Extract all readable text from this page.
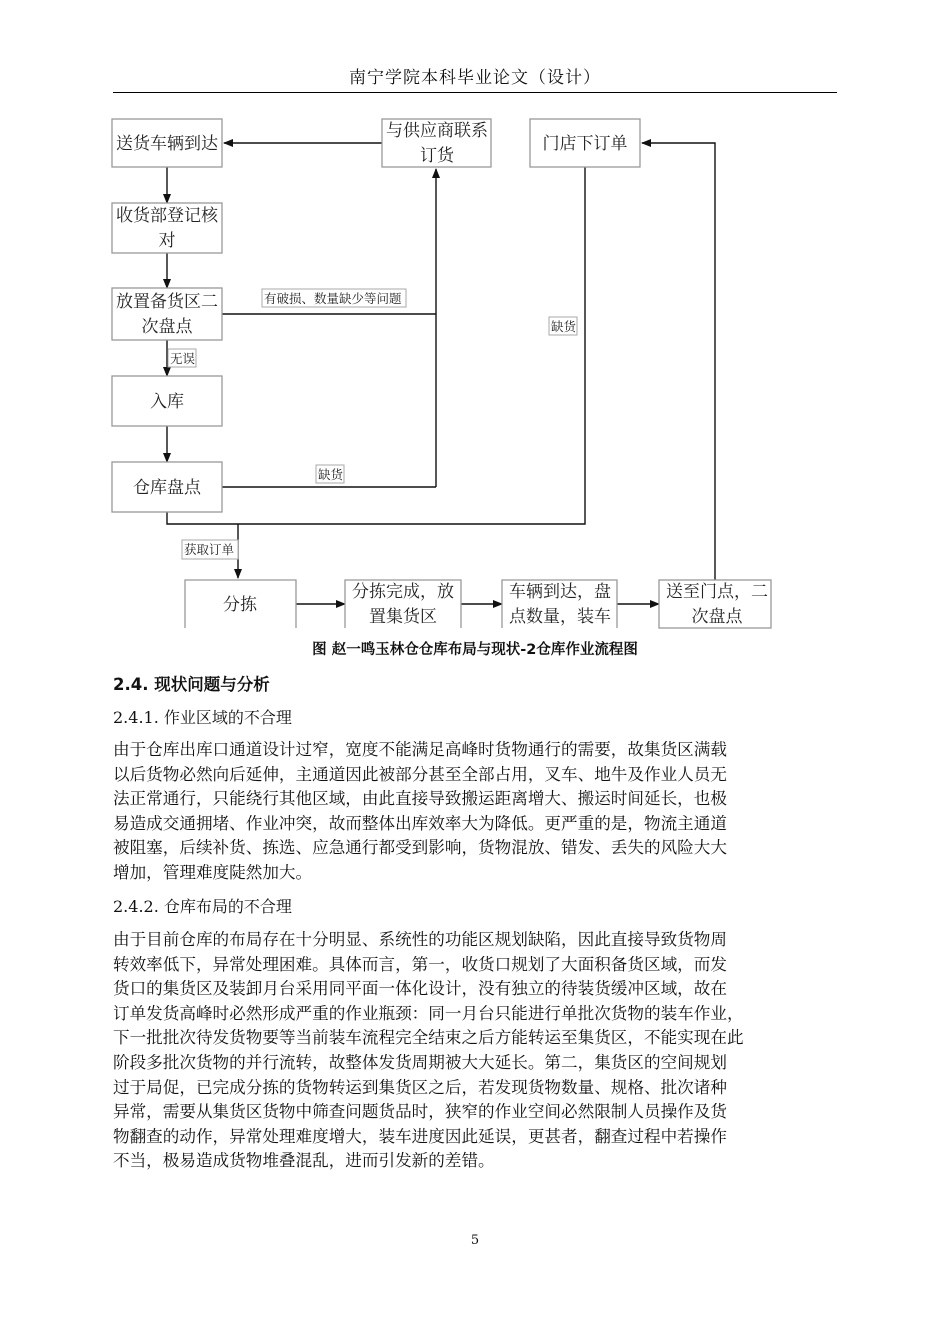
南宁学院本科毕业论文（设计）
送货车辆到达
与供应商联系
订货
门店下订单
收货部登记核
对
放置备货区二
次盘点
入库
仓库盘点
分拣
分拣完成，放
置集货区
车辆到达，盘
点数量，装车
送至门点，二
次盘点
有破损、数量缺少等问题
无误
缺货
缺货
获取订单
图 赵一鸣玉林仓仓库布局与现状-2仓库作业流程图
2.4. 现状问题与分析
2.4.1. 作业区域的不合理
由于仓库出库口通道设计过窄，宽度不能满足高峰时货物通行的需要，故集货区满载
以后货物必然向后延伸，主通道因此被部分甚至全部占用，叉车、地牛及作业人员无
法正常通行，只能绕行其他区域，由此直接导致搬运距离增大、搬运时间延长，也极
易造成交通拥堵、作业冲突，故而整体出库效率大为降低。更严重的是，物流主通道
被阻塞，后续补货、拣选、应急通行都受到影响，货物混放、错发、丢失的风险大大
增加，管理难度陡然加大。
2.4.2. 仓库布局的不合理
由于目前仓库的布局存在十分明显、系统性的功能区规划缺陷，因此直接导致货物周
转效率低下，异常处理困难。具体而言，第一，收货口规划了大面积备货区域，而发
货口的集货区及装卸月台采用同平面一体化设计，没有独立的待装货缓冲区域，故在
订单发货高峰时必然形成严重的作业瓶颈：同一月台只能进行单批次货物的装车作业，
下一批批次待发货物要等当前装车流程完全结束之后方能转运至集货区，不能实现在此
阶段多批次货物的并行流转，故整体发货周期被大大延长。第二，集货区的空间规划
过于局促，已完成分拣的货物转运到集货区之后，若发现货物数量、规格、批次诸种
异常，需要从集货区货物中筛查问题货品时，狭窄的作业空间必然限制人员操作及货
物翻查的动作，异常处理难度增大，装车进度因此延误，更甚者，翻查过程中若操作
不当，极易造成货物堆叠混乱，进而引发新的差错。
5
